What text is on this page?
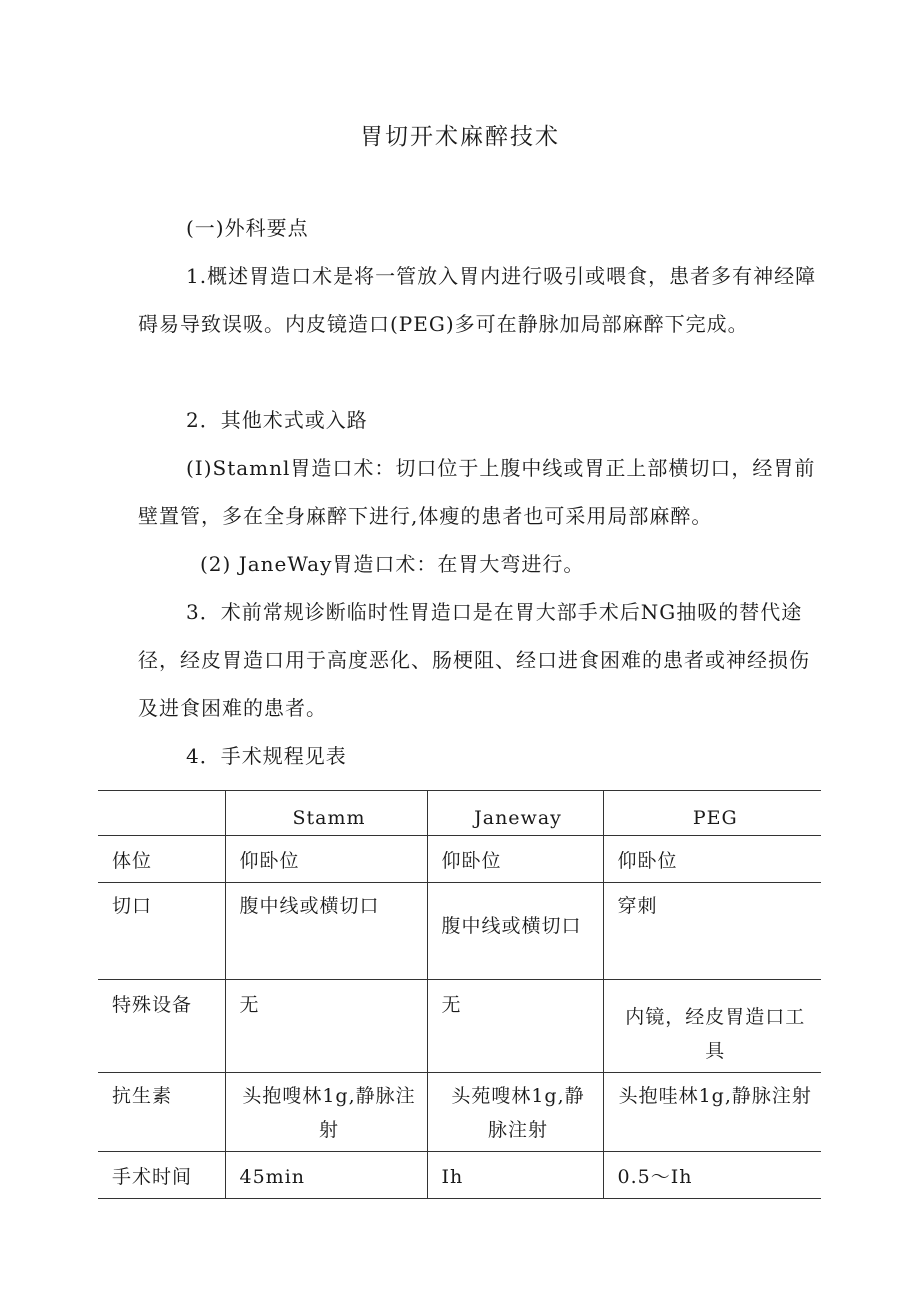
胃切开术麻醉技术

(一)外科要点

1.概述胃造口术是将一管放入胃内进行吸引或喂食，患者多有神经障碍易导致误吸。内皮镜造口(PEG)多可在静脉加局部麻醉下完成。

2．其他术式或入路

(I)Stamnl胃造口术：切口位于上腹中线或胃正上部横切口，经胃前壁置管，多在全身麻醉下进行,体瘦的患者也可采用局部麻醉。

(2) JaneWay胃造口术：在胃大弯进行。

3．术前常规诊断临时性胃造口是在胃大部手术后NG抽吸的替代途径，经皮胃造口用于高度恶化、肠梗阻、经口进食困难的患者或神经损伤及进食困难的患者。

4．手术规程见表

	Stamm	Janeway	PEG
体位	仰卧位	仰卧位	仰卧位
切口	腹中线或横切口	腹中线或横切口	穿刺
特殊设备	无	无	内镜，经皮胃造口工具
抗生素	头抱嗖林1g,静脉注射	头苑嗖林1g,静脉注射	头抱哇林1g,静脉注射
手术时间	45min	Ih	0.5～Ih
